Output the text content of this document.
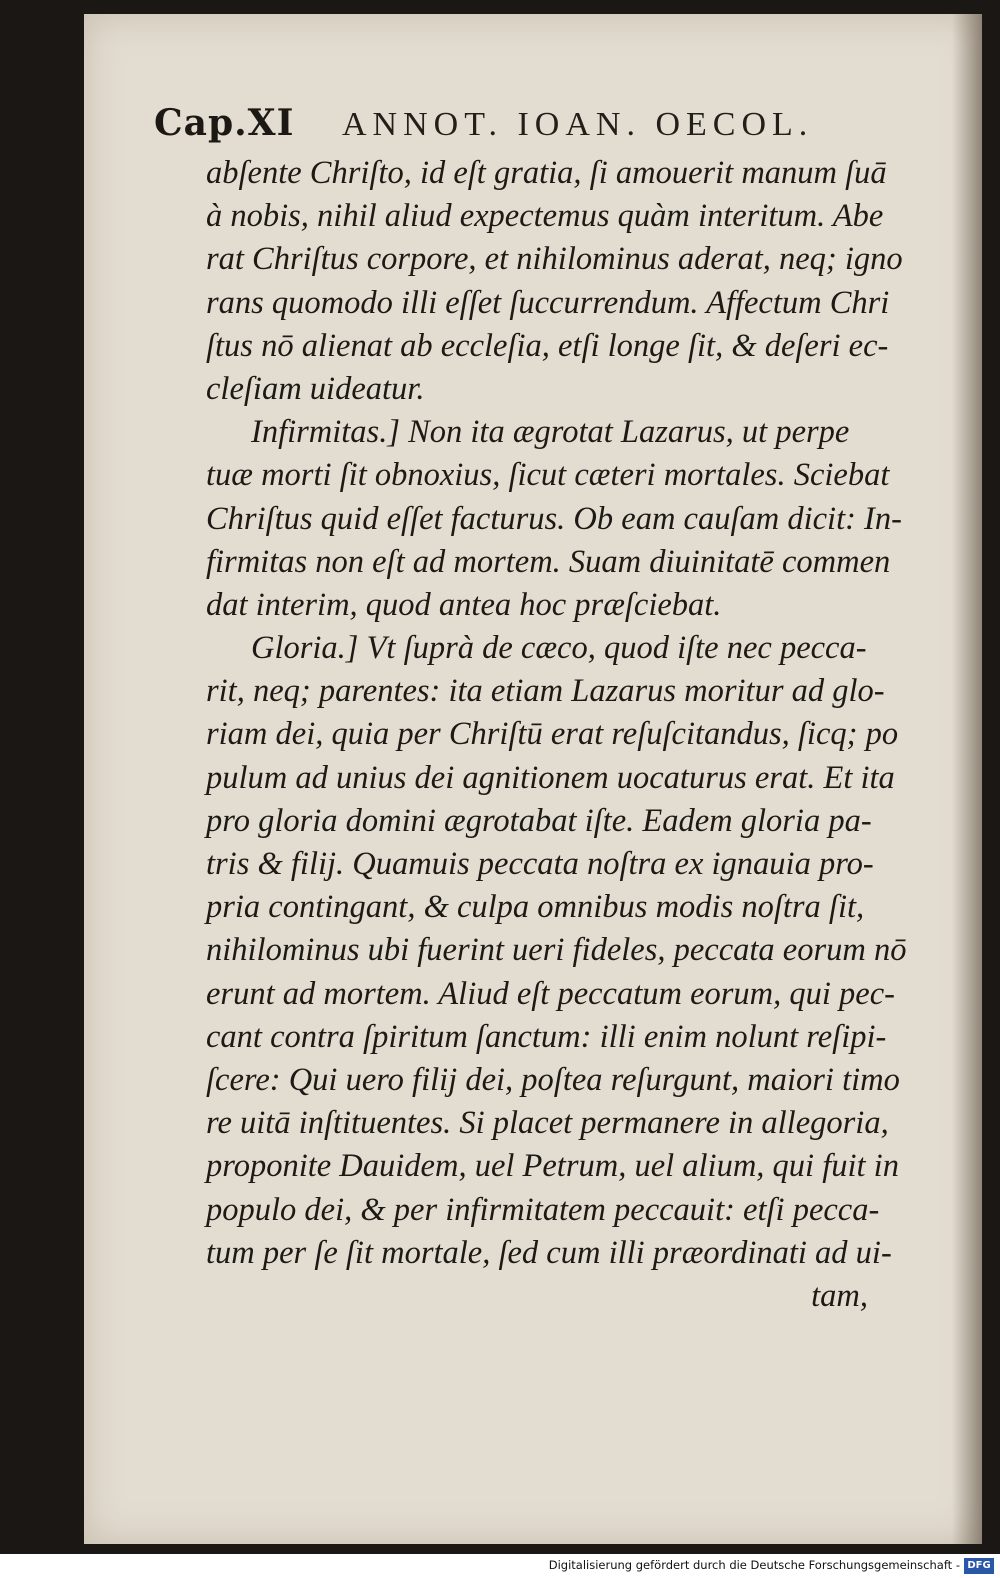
Cap.XI ANNOT. IOAN. OECOL.
abſente Chriſto, id eſt gratia, ſi amouerit manum ſuā
à nobis, nihil aliud expectemus quàm interitum. Abe
rat Chriſtus corpore, et nihilominus aderat, neq; igno
rans quomodo illi eſſet ſuccurrendum. Affectum Chri
ſtus nō alienat ab eccleſia, etſi longe ſit, & deſeri ec-
cleſiam uideatur.
Infirmitas.] Non ita ægrotat Lazarus, ut perpe
tuæ morti ſit obnoxius, ſicut cæteri mortales. Sciebat
Chriſtus quid eſſet facturus. Ob eam cauſam dicit: In-
firmitas non eſt ad mortem. Suam diuinitatē commen
dat interim, quod antea hoc præſciebat.
Gloria.] Vt ſuprà de cæco, quod iſte nec pecca-
rit, neq; parentes: ita etiam Lazarus moritur ad glo-
riam dei, quia per Chriſtū erat reſuſcitandus, ſicq; po
pulum ad unius dei agnitionem uocaturus erat. Et ita
pro gloria domini ægrotabat iſte. Eadem gloria pa-
tris & filij. Quamuis peccata noſtra ex ignauia pro-
pria contingant, & culpa omnibus modis noſtra ſit,
nihilominus ubi fuerint ueri fideles, peccata eorum nō
erunt ad mortem. Aliud eſt peccatum eorum, qui pec-
cant contra ſpiritum ſanctum: illi enim nolunt reſipi-
ſcere: Qui uero filij dei, poſtea reſurgunt, maiori timo
re uitā inſtituentes. Si placet permanere in allegoria,
proponite Dauidem, uel Petrum, uel alium, qui fuit in
populo dei, & per infirmitatem peccauit: etſi pecca-
tum per ſe ſit mortale, ſed cum illi præordinati ad ui-
tam,
Digitalisierung gefördert durch die Deutsche Forschungsgemeinschaft - DFG
